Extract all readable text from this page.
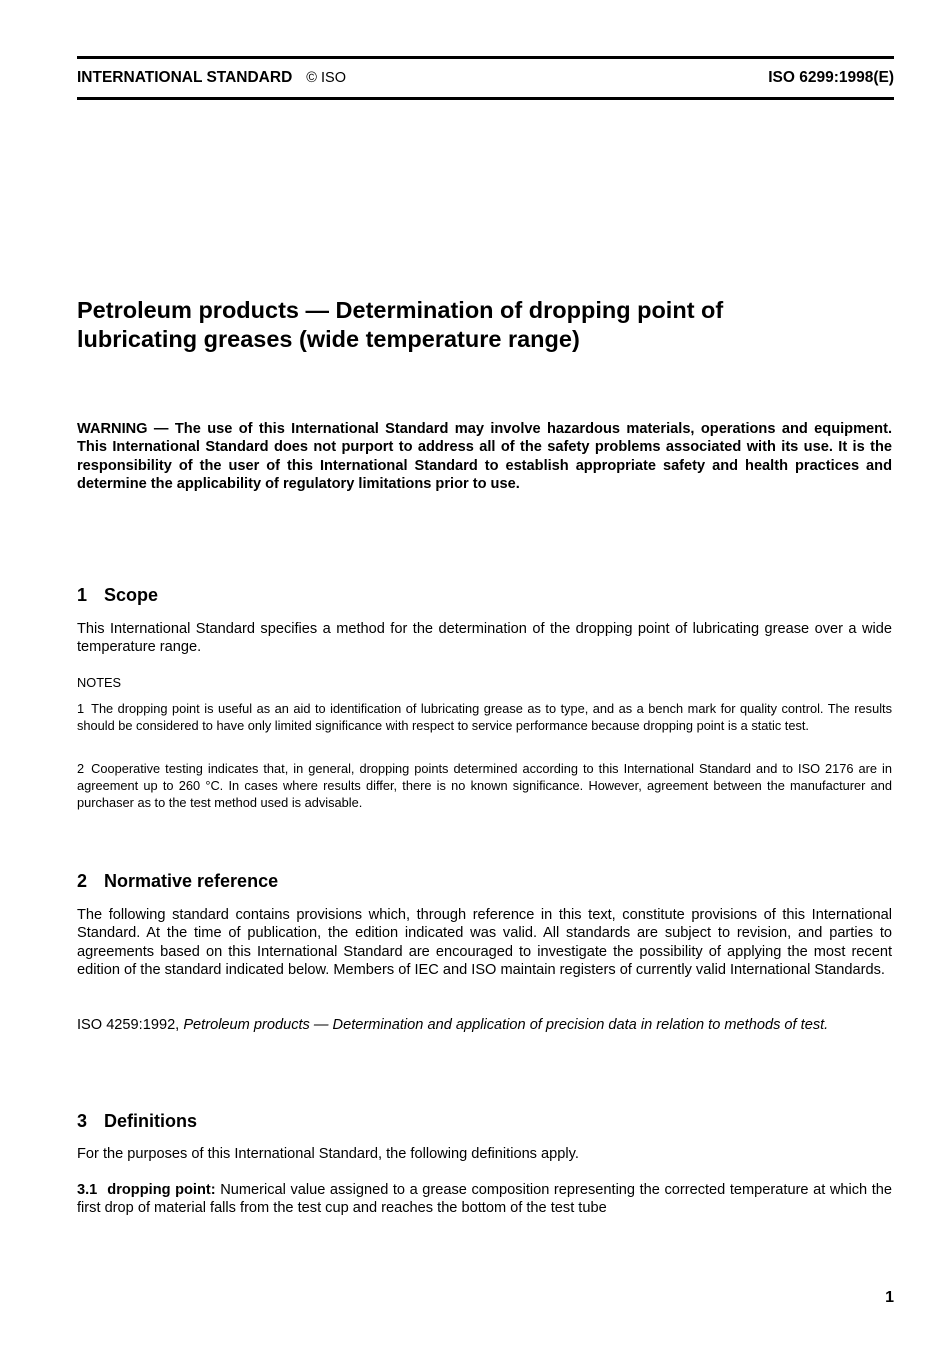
INTERNATIONAL STANDARD © ISO	ISO 6299:1998(E)
Petroleum products — Determination of dropping point of
lubricating greases (wide temperature range)

WARNING — The use of this International Standard may involve hazardous materials, operations and equipment. This International Standard does not purport to address all of the safety problems associated with its use. It is the responsibility of the user of this International Standard to establish appropriate safety and health practices and determine the applicability of regulatory limitations prior to use.

1 Scope

This International Standard specifies a method for the determination of the dropping point of lubricating grease over a wide temperature range.

NOTES

1 The dropping point is useful as an aid to identification of lubricating grease as to type, and as a bench mark for quality control. The results should be considered to have only limited significance with respect to service performance because dropping point is a static test.

2 Cooperative testing indicates that, in general, dropping points determined according to this International Standard and to ISO 2176 are in agreement up to 260 °C. In cases where results differ, there is no known significance. However, agreement between the manufacturer and purchaser as to the test method used is advisable.

2 Normative reference

The following standard contains provisions which, through reference in this text, constitute provisions of this International Standard. At the time of publication, the edition indicated was valid. All standards are subject to revision, and parties to agreements based on this International Standard are encouraged to investigate the possibility of applying the most recent edition of the standard indicated below. Members of IEC and ISO maintain registers of currently valid International Standards.

ISO 4259:1992, Petroleum products — Determination and application of precision data in relation to methods of test.

3 Definitions

For the purposes of this International Standard, the following definitions apply.

3.1 dropping point: Numerical value assigned to a grease composition representing the corrected temperature at which the first drop of material falls from the test cup and reaches the bottom of the test tube

1
